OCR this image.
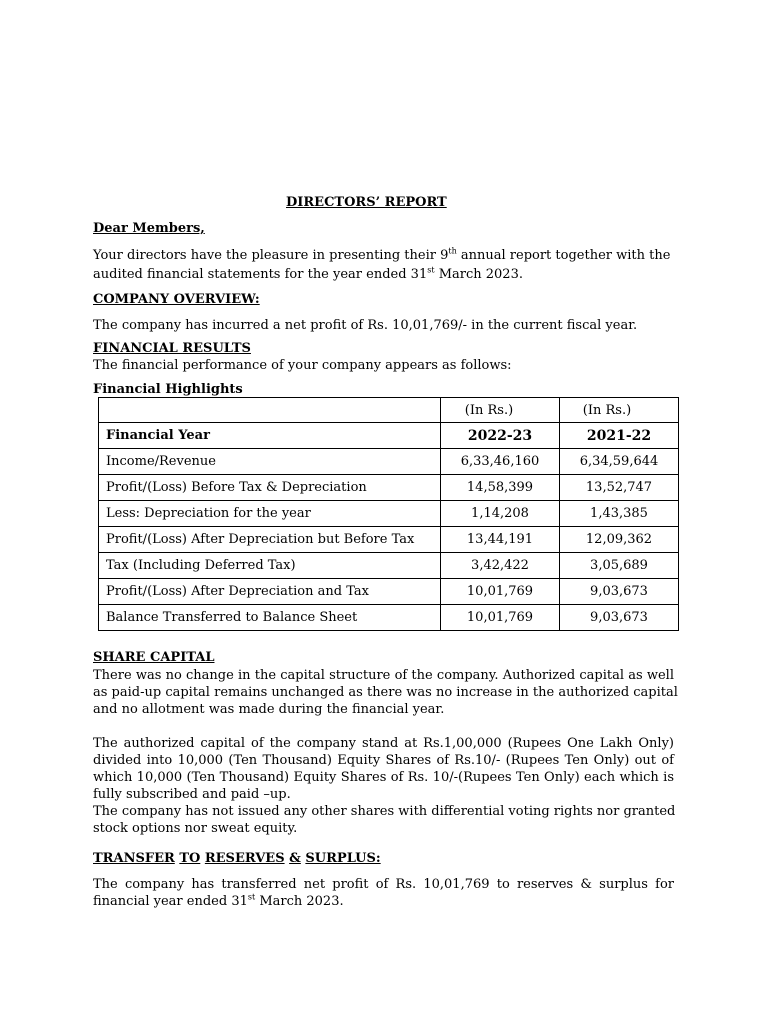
DIRECTORS’ REPORT
Dear Members,
Your directors have the pleasure in presenting their 9th annual report together with the
audited financial statements for the year ended 31st March 2023.
COMPANY OVERVIEW:
The company has incurred a net profit of Rs. 10,01,769/- in the current fiscal year.
FINANCIAL RESULTS
The financial performance of your company appears as follows:
Financial Highlights
	(In Rs.)	(In Rs.)
Financial Year	2022-23	2021-22
Income/Revenue	6,33,46,160	6,34,59,644
Profit/(Loss) Before Tax & Depreciation	14,58,399	13,52,747
Less: Depreciation for the year	1,14,208	1,43,385
Profit/(Loss) After Depreciation but Before Tax	13,44,191	12,09,362
Tax (Including Deferred Tax)	3,42,422	3,05,689
Profit/(Loss) After Depreciation and Tax	10,01,769	9,03,673
Balance Transferred to Balance Sheet	10,01,769	9,03,673
SHARE CAPITAL
There was no change in the capital structure of the company. Authorized capital as well
as paid-up capital remains unchanged as there was no increase in the authorized capital
and no allotment was made during the financial year.
The authorized capital of the company stand at Rs.1,00,000 (Rupees One Lakh Only)
divided into 10,000 (Ten Thousand) Equity Shares of Rs.10/- (Rupees Ten Only) out of
which 10,000 (Ten Thousand) Equity Shares of Rs. 10/-(Rupees Ten Only) each which is
fully subscribed and paid –up.
The company has not issued any other shares with differential voting rights nor granted
stock options nor sweat equity.
TRANSFER TO RESERVES & SURPLUS:
The company has transferred net profit of Rs. 10,01,769 to reserves & surplus for
financial year ended 31st March 2023.
